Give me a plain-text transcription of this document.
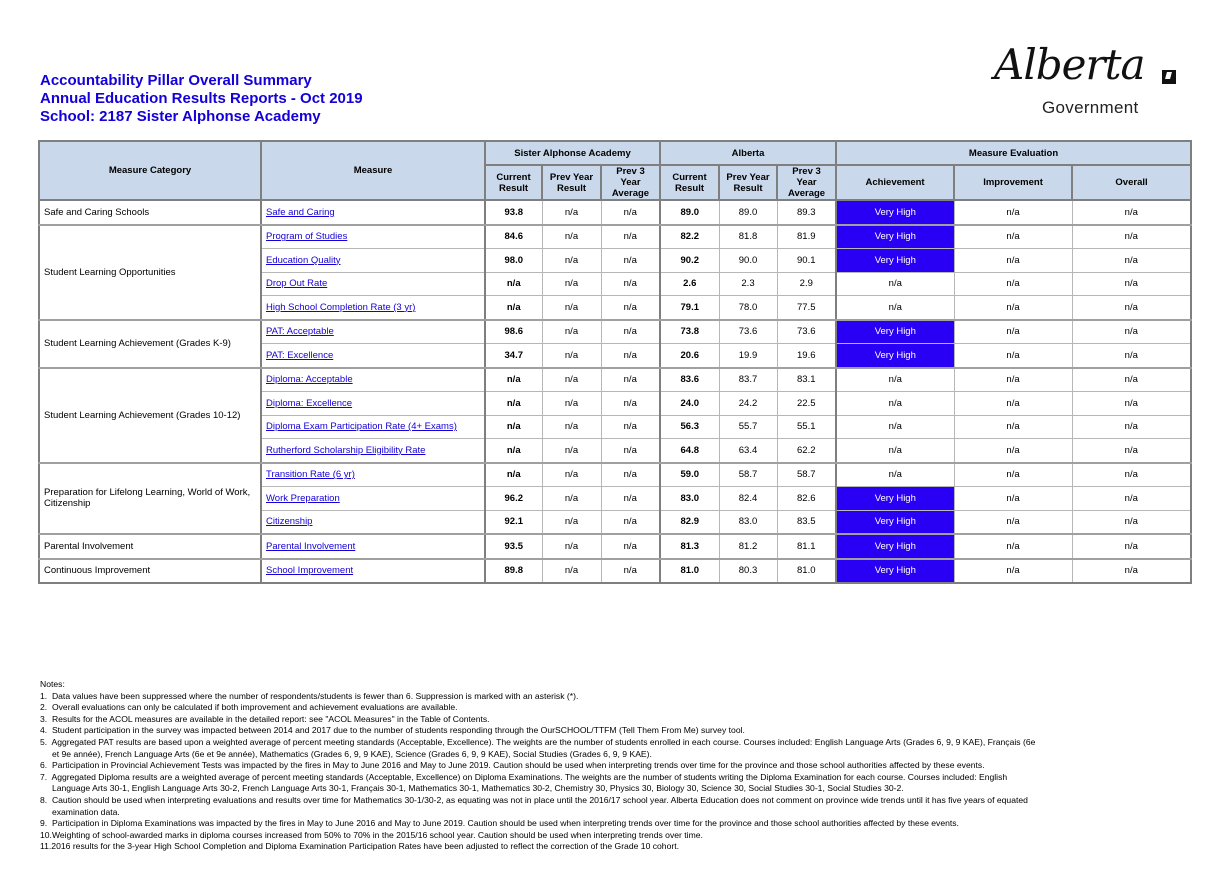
Accountability Pillar Overall Summary
Annual Education Results Reports - Oct 2019
School: 2187 Sister Alphonse Academy
Alberta
Government
Measure Category	Measure	Sister Alphonse Academy			Alberta			Measure Evaluation		
		Current Result	Prev Year Result	Prev 3 Year Average	Current Result	Prev Year Result	Prev 3 Year Average	Achievement	Improvement	Overall
Safe and Caring Schools	Safe and Caring	93.8	n/a	n/a	89.0	89.0	89.3	Very High	n/a	n/a
Student Learning Opportunities	Program of Studies	84.6	n/a	n/a	82.2	81.8	81.9	Very High	n/a	n/a
	Education Quality	98.0	n/a	n/a	90.2	90.0	90.1	Very High	n/a	n/a
	Drop Out Rate	n/a	n/a	n/a	2.6	2.3	2.9	n/a	n/a	n/a
	High School Completion Rate (3 yr)	n/a	n/a	n/a	79.1	78.0	77.5	n/a	n/a	n/a
Student Learning Achievement (Grades K-9)	PAT: Acceptable	98.6	n/a	n/a	73.8	73.6	73.6	Very High	n/a	n/a
	PAT: Excellence	34.7	n/a	n/a	20.6	19.9	19.6	Very High	n/a	n/a
Student Learning Achievement (Grades 10-12)	Diploma: Acceptable	n/a	n/a	n/a	83.6	83.7	83.1	n/a	n/a	n/a
	Diploma: Excellence	n/a	n/a	n/a	24.0	24.2	22.5	n/a	n/a	n/a
	Diploma Exam Participation Rate (4+ Exams)	n/a	n/a	n/a	56.3	55.7	55.1	n/a	n/a	n/a
	Rutherford Scholarship Eligibility Rate	n/a	n/a	n/a	64.8	63.4	62.2	n/a	n/a	n/a
Preparation for Lifelong Learning, World of Work, Citizenship	Transition Rate (6 yr)	n/a	n/a	n/a	59.0	58.7	58.7	n/a	n/a	n/a
	Work Preparation	96.2	n/a	n/a	83.0	82.4	82.6	Very High	n/a	n/a
	Citizenship	92.1	n/a	n/a	82.9	83.0	83.5	Very High	n/a	n/a
Parental Involvement	Parental Involvement	93.5	n/a	n/a	81.3	81.2	81.1	Very High	n/a	n/a
Continuous Improvement	School Improvement	89.8	n/a	n/a	81.0	80.3	81.0	Very High	n/a	n/a
Notes:
1.  Data values have been suppressed where the number of respondents/students is fewer than 6. Suppression is marked with an asterisk (*).
2.  Overall evaluations can only be calculated if both improvement and achievement evaluations are available.
3.  Results for the ACOL measures are available in the detailed report: see "ACOL Measures" in the Table of Contents.
4.  Student participation in the survey was impacted between 2014 and 2017 due to the number of students responding through the OurSCHOOL/TTFM (Tell Them From Me) survey tool.
5.  Aggregated PAT results are based upon a weighted average of percent meeting standards (Acceptable, Excellence). The weights are the number of students enrolled in each course. Courses included: English Language Arts (Grades 6, 9, 9 KAE), Français (6e
et 9e année), French Language Arts (6e et 9e année), Mathematics (Grades 6, 9, 9 KAE), Science (Grades 6, 9, 9 KAE), Social Studies (Grades 6, 9, 9 KAE).
6.  Participation in Provincial Achievement Tests was impacted by the fires in May to June 2016 and May to June 2019. Caution should be used when interpreting trends over time for the province and those school authorities affected by these events.
7.  Aggregated Diploma results are a weighted average of percent meeting standards (Acceptable, Excellence) on Diploma Examinations. The weights are the number of students writing the Diploma Examination for each course. Courses included: English
Language Arts 30-1, English Language Arts 30-2, French Language Arts 30-1, Français 30-1, Mathematics 30-1, Mathematics 30-2, Chemistry 30, Physics 30, Biology 30, Science 30, Social Studies 30-1, Social Studies 30-2.
8.  Caution should be used when interpreting evaluations and results over time for Mathematics 30-1/30-2, as equating was not in place until the 2016/17 school year. Alberta Education does not comment on province wide trends until it has five years of equated
examination data.
9.  Participation in Diploma Examinations was impacted by the fires in May to June 2016 and May to June 2019. Caution should be used when interpreting trends over time for the province and those school authorities affected by these events.
10.Weighting of school-awarded marks in diploma courses increased from 50% to 70% in the 2015/16 school year. Caution should be used when interpreting trends over time.
11.2016 results for the 3-year High School Completion and Diploma Examination Participation Rates have been adjusted to reflect the correction of the Grade 10 cohort.
